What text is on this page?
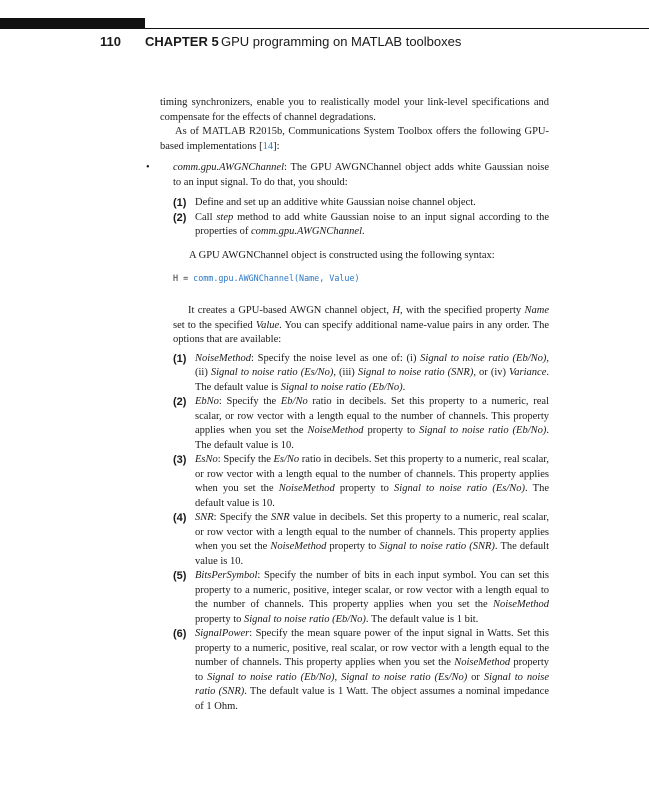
110 CHAPTER 5 GPU programming on MATLAB toolboxes

timing synchronizers, enable you to realistically model your link-level specifications and compensate for the effects of channel degradations.

As of MATLAB R2015b, Communications System Toolbox offers the following GPU-based implementations [14]:

• comm.gpu.AWGNChannel: The GPU AWGNChannel object adds white Gaussian noise to an input signal. To do that, you should:

(1) Define and set up an additive white Gaussian noise channel object.
(2) Call step method to add white Gaussian noise to an input signal according to the properties of comm.gpu.AWGNChannel.

A GPU AWGNChannel object is constructed using the following syntax:

H = comm.gpu.AWGNChannel(Name, Value)

It creates a GPU-based AWGN channel object, H, with the specified property Name set to the specified Value. You can specify additional name-value pairs in any order. The options that are available:

(1) NoiseMethod: Specify the noise level as one of: (i) Signal to noise ratio (Eb/No), (ii) Signal to noise ratio (Es/No), (iii) Signal to noise ratio (SNR), or (iv) Variance. The default value is Signal to noise ratio (Eb/No).
(2) EbNo: Specify the Eb/No ratio in decibels. Set this property to a numeric, real scalar, or row vector with a length equal to the number of channels. This property applies when you set the NoiseMethod property to Signal to noise ratio (Eb/No). The default value is 10.
(3) EsNo: Specify the Es/No ratio in decibels. Set this property to a numeric, real scalar, or row vector with a length equal to the number of channels. This property applies when you set the NoiseMethod property to Signal to noise ratio (Es/No). The default value is 10.
(4) SNR: Specify the SNR value in decibels. Set this property to a numeric, real scalar, or row vector with a length equal to the number of channels. This property applies when you set the NoiseMethod property to Signal to noise ratio (SNR). The default value is 10.
(5) BitsPerSymbol: Specify the number of bits in each input symbol. You can set this property to a numeric, positive, integer scalar, or row vector with a length equal to the number of channels. This property applies when you set the NoiseMethod property to Signal to noise ratio (Eb/No). The default value is 1 bit.
(6) SignalPower: Specify the mean square power of the input signal in Watts. Set this property to a numeric, positive, real scalar, or row vector with a length equal to the number of channels. This property applies when you set the NoiseMethod property to Signal to noise ratio (Eb/No), Signal to noise ratio (Es/No) or Signal to noise ratio (SNR). The default value is 1 Watt. The object assumes a nominal impedance of 1 Ohm.
